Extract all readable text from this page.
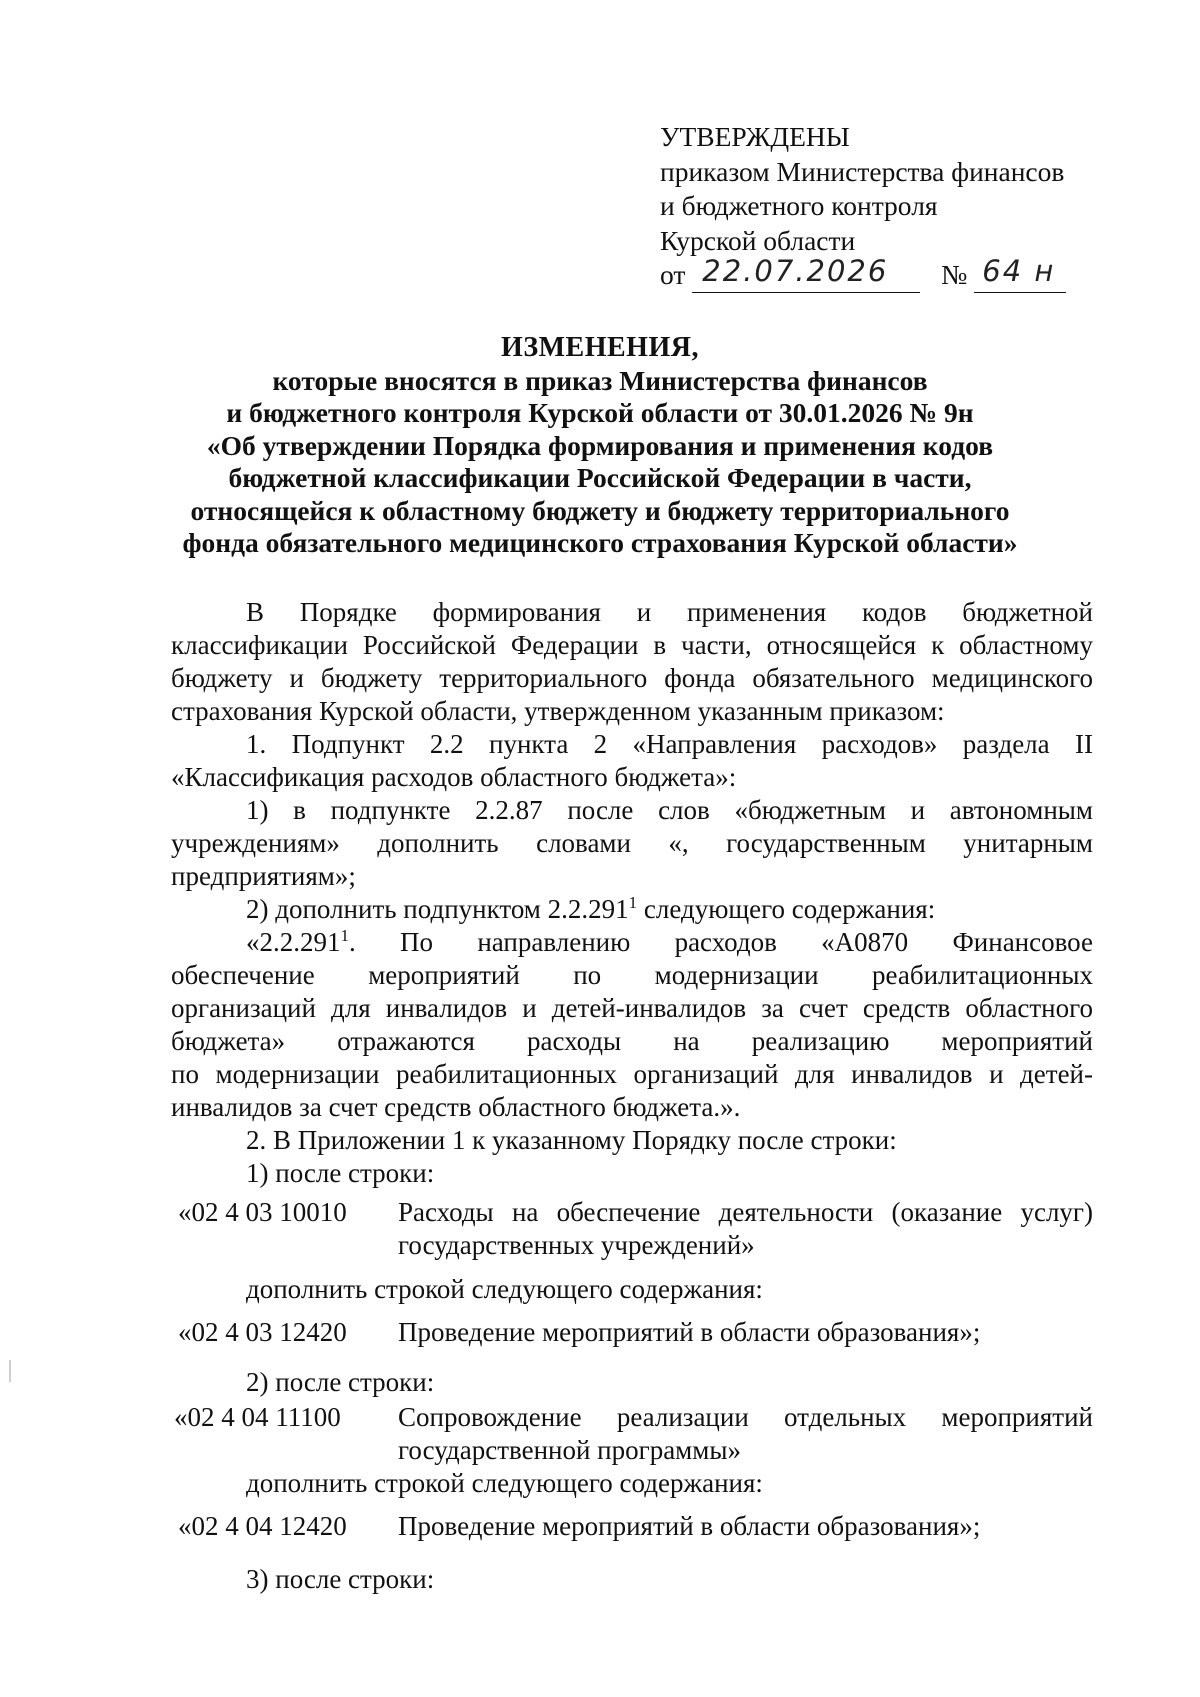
УТВЕРЖДЕНЫ
приказом Министерства финансов
и бюджетного контроля
Курской области
от 22.07.2026 № 64 н
ИЗМЕНЕНИЯ,
которые вносятся в приказ Министерства финансов
и бюджетного контроля Курской области от 30.01.2026 № 9н
«Об утверждении Порядка формирования и применения кодов
бюджетной классификации Российской Федерации в части,
относящейся к областному бюджету и бюджету территориального
фонда обязательного медицинского страхования Курской области»
В Порядке формирования и применения кодов бюджетной
классификации Российской Федерации в части, относящейся к областному
бюджету и бюджету территориального фонда обязательного медицинского
страхования Курской области, утвержденном указанным приказом:
1. Подпункт 2.2 пункта 2 «Направления расходов» раздела II
«Классификация расходов областного бюджета»:
1) в подпункте 2.2.87 после слов «бюджетным и автономным
учреждениям» дополнить словами «, государственным унитарным
предприятиям»;
2) дополнить подпунктом 2.2.291$^1$ следующего содержания:
«2.2.291$^1$. По направлению расходов «А0870 Финансовое
обеспечение мероприятий по модернизации реабилитационных
организаций для инвалидов и детей-инвалидов за счет средств областного
бюджета» отражаются расходы на реализацию мероприятий
по модернизации реабилитационных организаций для инвалидов и детей-
инвалидов за счет средств областного бюджета.».
2. В Приложении 1 к указанному Порядку после строки:
1) после строки:
«02 4 03 10010 Расходы на обеспечение деятельности (оказание услуг)
государственных учреждений»
дополнить строкой следующего содержания:
«02 4 03 12420 Проведение мероприятий в области образования»;
2) после строки:
«02 4 04 11100 Сопровождение реализации отдельных мероприятий
государственной программы»
дополнить строкой следующего содержания:
«02 4 04 12420 Проведение мероприятий в области образования»;
3) после строки:
